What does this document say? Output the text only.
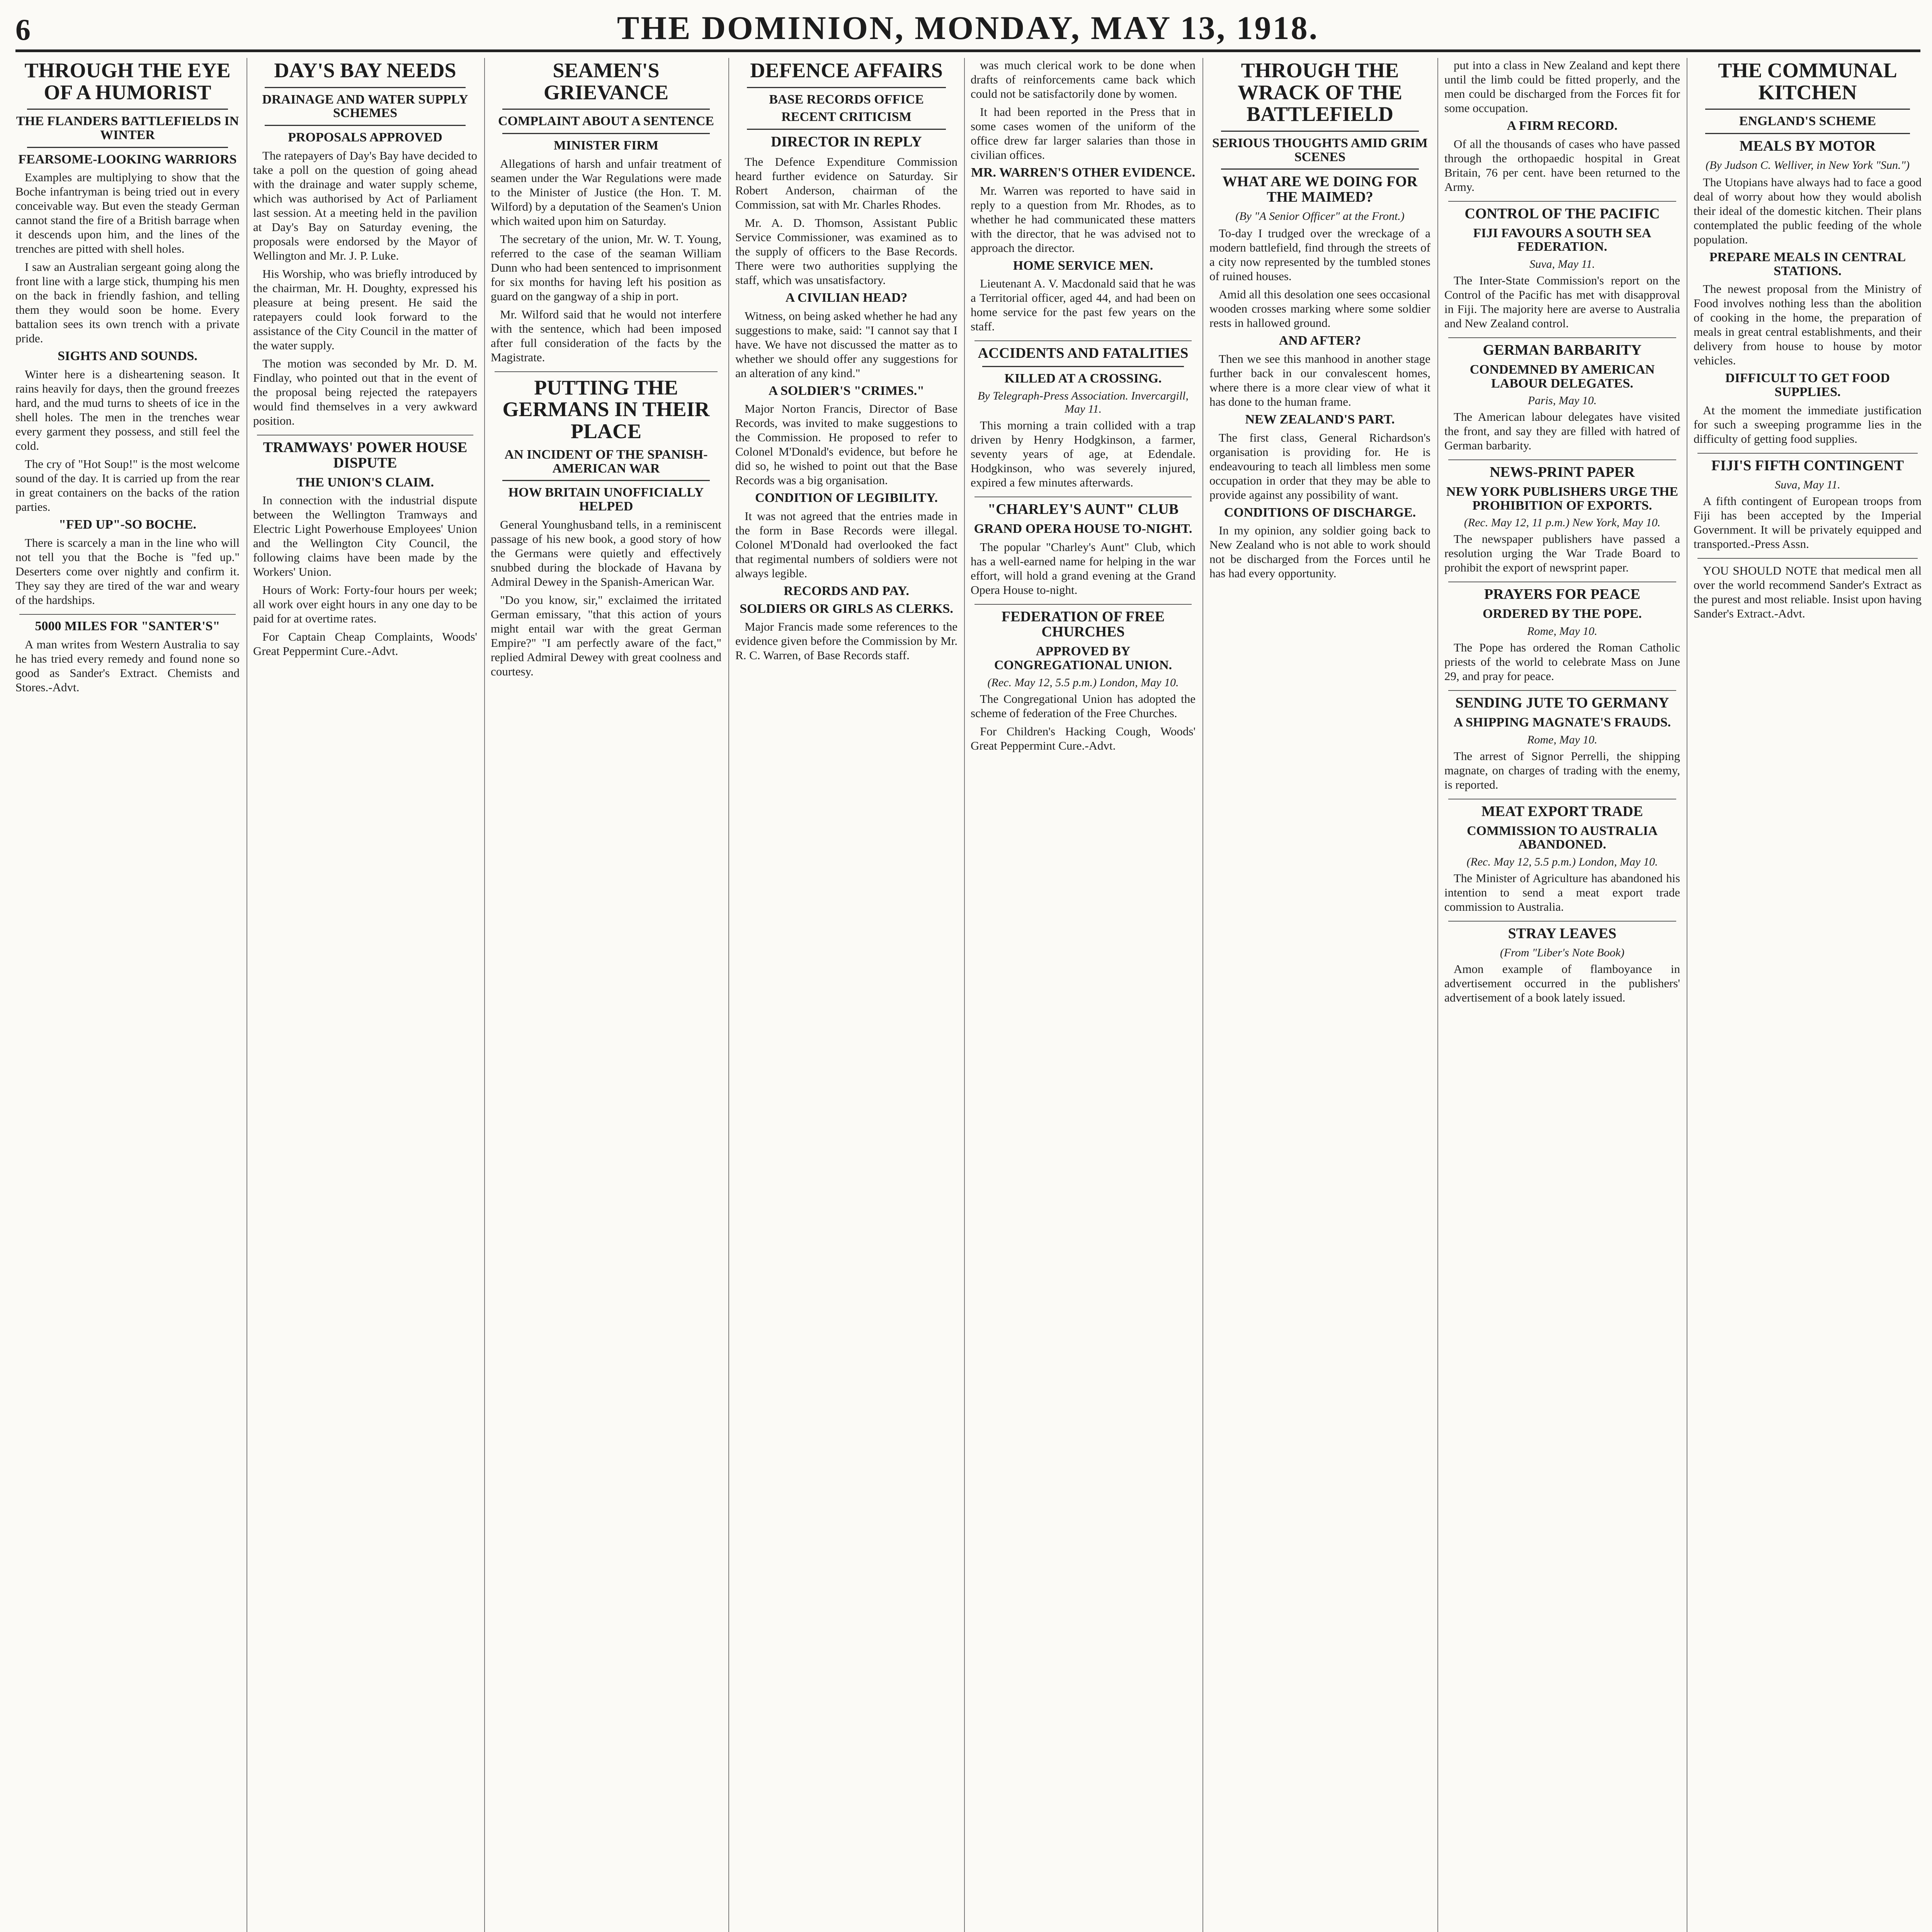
6	THE DOMINION, MONDAY, MAY 13, 1918.
THROUGH THE EYE OF A HUMORIST
THE FLANDERS BATTLEFIELDS IN WINTER
FEARSOME-LOOKING WARRIORS

Examples are multiplying to show that the Boche infantryman is being tried out in every conceivable way. But even the steady German cannot stand the fire of a British barrage when it descends upon him, and the lines of the trenches are pitted with shell holes.

I saw an Australian sergeant going along the front line with a large stick, thumping his men on the back in friendly fashion, and telling them they would soon be home. Every battalion sees its own trench with a private pride.

SIGHTS AND SOUNDS.

Winter here is a disheartening season. It rains heavily for days, then the ground freezes hard, and the mud turns to sheets of ice in the shell holes. The men in the trenches wear every garment they possess, and still feel the cold.

The cry of "Hot Soup!" is the most welcome sound of the day. It is carried up from the rear in great containers on the backs of the ration parties.

"FED UP"-SO BOCHE.

There is scarcely a man in the line who will not tell you that the Boche is "fed up." Deserters come over nightly and confirm it. They say they are tired of the war and weary of the hardships.

5000 MILES FOR "SANTER'S"

A man writes from Western Australia to say he has tried every remedy and found none so good as Sander's Extract. Chemists and Stores.-Advt.

DAY'S BAY NEEDS
DRAINAGE AND WATER SUPPLY SCHEMES
PROPOSALS APPROVED

The ratepayers of Day's Bay have decided to take a poll on the question of going ahead with the drainage and water supply scheme, which was authorised by Act of Parliament last session. At a meeting held in the pavilion at Day's Bay on Saturday evening, the proposals were endorsed by the Mayor of Wellington and Mr. J. P. Luke.

His Worship, who was briefly introduced by the chairman, Mr. H. Doughty, expressed his pleasure at being present. He said the ratepayers could look forward to the assistance of the City Council in the matter of the water supply.

The motion was seconded by Mr. D. M. Findlay, who pointed out that in the event of the proposal being rejected the ratepayers would find themselves in a very awkward position.

TRAMWAYS' POWER HOUSE DISPUTE
THE UNION'S CLAIM.

In connection with the industrial dispute between the Wellington Tramways and Electric Light Powerhouse Employees' Union and the Wellington City Council, the following claims have been made by the Workers' Union.

Hours of Work: Forty-four hours per week; all work over eight hours in any one day to be paid for at overtime rates.

For Captain Cheap Complaints, Woods' Great Peppermint Cure.-Advt.

SEAMEN'S GRIEVANCE
COMPLAINT ABOUT A SENTENCE
MINISTER FIRM

Allegations of harsh and unfair treatment of seamen under the War Regulations were made to the Minister of Justice (the Hon. T. M. Wilford) by a deputation of the Seamen's Union which waited upon him on Saturday.

The secretary of the union, Mr. W. T. Young, referred to the case of the seaman William Dunn who had been sentenced to imprisonment for six months for having left his position as guard on the gangway of a ship in port.

Mr. Wilford said that he would not interfere with the sentence, which had been imposed after full consideration of the facts by the Magistrate.

PUTTING THE GERMANS IN THEIR PLACE
AN INCIDENT OF THE SPANISH-AMERICAN WAR
HOW BRITAIN UNOFFICIALLY HELPED

General Younghusband tells, in a reminiscent passage of his new book, a good story of how the Germans were quietly and effectively snubbed during the blockade of Havana by Admiral Dewey in the Spanish-American War.

"Do you know, sir," exclaimed the irritated German emissary, "that this action of yours might entail war with the great German Empire?" "I am perfectly aware of the fact," replied Admiral Dewey with great coolness and courtesy.

DEFENCE AFFAIRS
BASE RECORDS OFFICE
RECENT CRITICISM
DIRECTOR IN REPLY

The Defence Expenditure Commission heard further evidence on Saturday. Sir Robert Anderson, chairman of the Commission, sat with Mr. Charles Rhodes.

Mr. A. D. Thomson, Assistant Public Service Commissioner, was examined as to the supply of officers to the Base Records. There were two authorities supplying the staff, which was unsatisfactory.

A CIVILIAN HEAD?

Witness, on being asked whether he had any suggestions to make, said: "I cannot say that I have. We have not discussed the matter as to whether we should offer any suggestions for an alteration of any kind."

A SOLDIER'S "CRIMES."

Major Norton Francis, Director of Base Records, was invited to make suggestions to the Commission. He proposed to refer to Colonel M'Donald's evidence, but before he did so, he wished to point out that the Base Records was a big organisation.

CONDITION OF LEGIBILITY.

It was not agreed that the entries made in the form in Base Records were illegal. Colonel M'Donald had overlooked the fact that regimental numbers of soldiers were not always legible.

RECORDS AND PAY.
SOLDIERS OR GIRLS AS CLERKS.

Major Francis made some references to the evidence given before the Commission by Mr. R. C. Warren, of Base Records staff.

was much clerical work to be done when drafts of reinforcements came back which could not be satisfactorily done by women.

It had been reported in the Press that in some cases women of the uniform of the office drew far larger salaries than those in civilian offices.

MR. WARREN'S OTHER EVIDENCE.

Mr. Warren was reported to have said in reply to a question from Mr. Rhodes, as to whether he had communicated these matters with the director, that he was advised not to approach the director.

HOME SERVICE MEN.

Lieutenant A. V. Macdonald said that he was a Territorial officer, aged 44, and had been on home service for the past few years on the staff.

ACCIDENTS AND FATALITIES
KILLED AT A CROSSING.
By Telegraph-Press Association. Invercargill, May 11.

This morning a train collided with a trap driven by Henry Hodgkinson, a farmer, seventy years of age, at Edendale. Hodgkinson, who was severely injured, expired a few minutes afterwards.

"CHARLEY'S AUNT" CLUB
GRAND OPERA HOUSE TO-NIGHT.

The popular "Charley's Aunt" Club, which has a well-earned name for helping in the war effort, will hold a grand evening at the Grand Opera House to-night.

FEDERATION OF FREE CHURCHES
APPROVED BY CONGREGATIONAL UNION.
(Rec. May 12, 5.5 p.m.) London, May 10.

The Congregational Union has adopted the scheme of federation of the Free Churches.

For Children's Hacking Cough, Woods' Great Peppermint Cure.-Advt.

THROUGH THE WRACK OF THE BATTLEFIELD
SERIOUS THOUGHTS AMID GRIM SCENES
WHAT ARE WE DOING FOR THE MAIMED?
(By "A Senior Officer" at the Front.)

To-day I trudged over the wreckage of a modern battlefield, find through the streets of a city now represented by the tumbled stones of ruined houses.

Amid all this desolation one sees occasional wooden crosses marking where some soldier rests in hallowed ground.

AND AFTER?

Then we see this manhood in another stage further back in our convalescent homes, where there is a more clear view of what it has done to the human frame.

NEW ZEALAND'S PART.

The first class, General Richardson's organisation is providing for. He is endeavouring to teach all limbless men some occupation in order that they may be able to provide against any possibility of want.

CONDITIONS OF DISCHARGE.

In my opinion, any soldier going back to New Zealand who is not able to work should not be discharged from the Forces until he has had every opportunity.

put into a class in New Zealand and kept there until the limb could be fitted properly, and the men could be discharged from the Forces fit for some occupation.

A FIRM RECORD.

Of all the thousands of cases who have passed through the orthopaedic hospital in Great Britain, 76 per cent. have been returned to the Army.

CONTROL OF THE PACIFIC
FIJI FAVOURS A SOUTH SEA FEDERATION.
Suva, May 11.

The Inter-State Commission's report on the Control of the Pacific has met with disapproval in Fiji. The majority here are averse to Australia and New Zealand control.

GERMAN BARBARITY
CONDEMNED BY AMERICAN LABOUR DELEGATES.
Paris, May 10.

The American labour delegates have visited the front, and say they are filled with hatred of German barbarity.

NEWS-PRINT PAPER
NEW YORK PUBLISHERS URGE THE PROHIBITION OF EXPORTS.
(Rec. May 12, 11 p.m.) New York, May 10.

The newspaper publishers have passed a resolution urging the War Trade Board to prohibit the export of newsprint paper.

PRAYERS FOR PEACE
ORDERED BY THE POPE.
Rome, May 10.

The Pope has ordered the Roman Catholic priests of the world to celebrate Mass on June 29, and pray for peace.

SENDING JUTE TO GERMANY
A SHIPPING MAGNATE'S FRAUDS.
Rome, May 10.

The arrest of Signor Perrelli, the shipping magnate, on charges of trading with the enemy, is reported.

MEAT EXPORT TRADE
COMMISSION TO AUSTRALIA ABANDONED.
(Rec. May 12, 5.5 p.m.) London, May 10.

The Minister of Agriculture has abandoned his intention to send a meat export trade commission to Australia.

STRAY LEAVES
(From "Liber's Note Book)

Amon example of flamboyance in advertisement occurred in the publishers' advertisement of a book lately issued.

THE COMMUNAL KITCHEN
ENGLAND'S SCHEME
MEALS BY MOTOR
(By Judson C. Welliver, in New York "Sun.")

The Utopians have always had to face a good deal of worry about how they would abolish their ideal of the domestic kitchen. Their plans contemplated the public feeding of the whole population.

PREPARE MEALS IN CENTRAL STATIONS.

The newest proposal from the Ministry of Food involves nothing less than the abolition of cooking in the home, the preparation of meals in great central establishments, and their delivery from house to house by motor vehicles.

DIFFICULT TO GET FOOD SUPPLIES.

At the moment the immediate justification for such a sweeping programme lies in the difficulty of getting food supplies.

FIJI'S FIFTH CONTINGENT
Suva, May 11.

A fifth contingent of European troops from Fiji has been accepted by the Imperial Government. It will be privately equipped and transported.-Press Assn.

YOU SHOULD NOTE that medical men all over the world recommend Sander's Extract as the purest and most reliable. Insist upon having Sander's Extract.-Advt.
